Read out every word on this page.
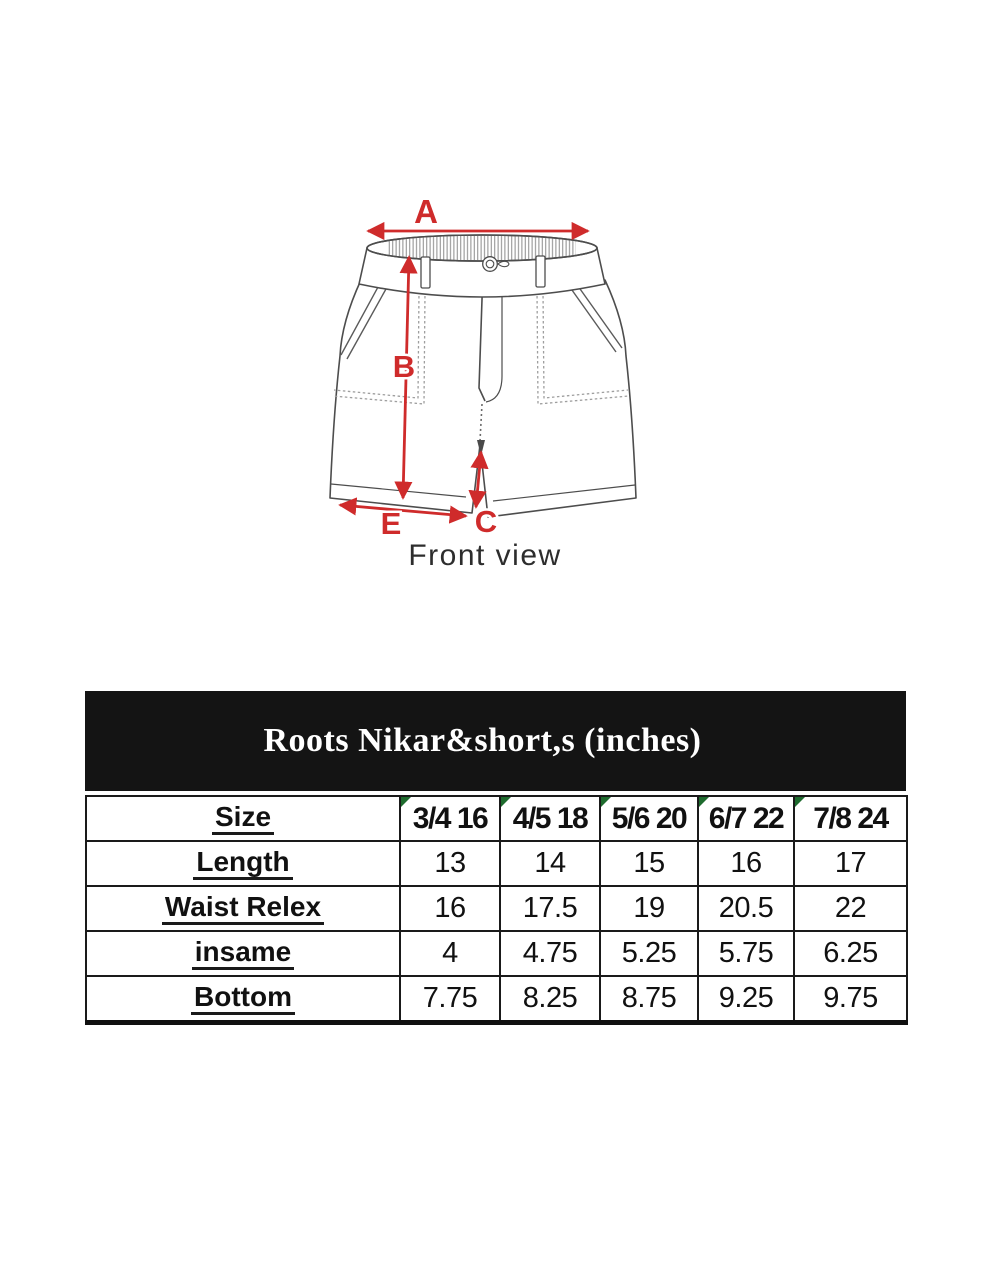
A
B
C
E
Front view
Roots Nikar&short,s (inches)
Size	3/4 16	4/5 18	5/6 20	6/7 22	7/8 24
Length	13	14	15	16	17
Waist Relex	16	17.5	19	20.5	22
insame	4	4.75	5.25	5.75	6.25
Bottom	7.75	8.25	8.75	9.25	9.75
